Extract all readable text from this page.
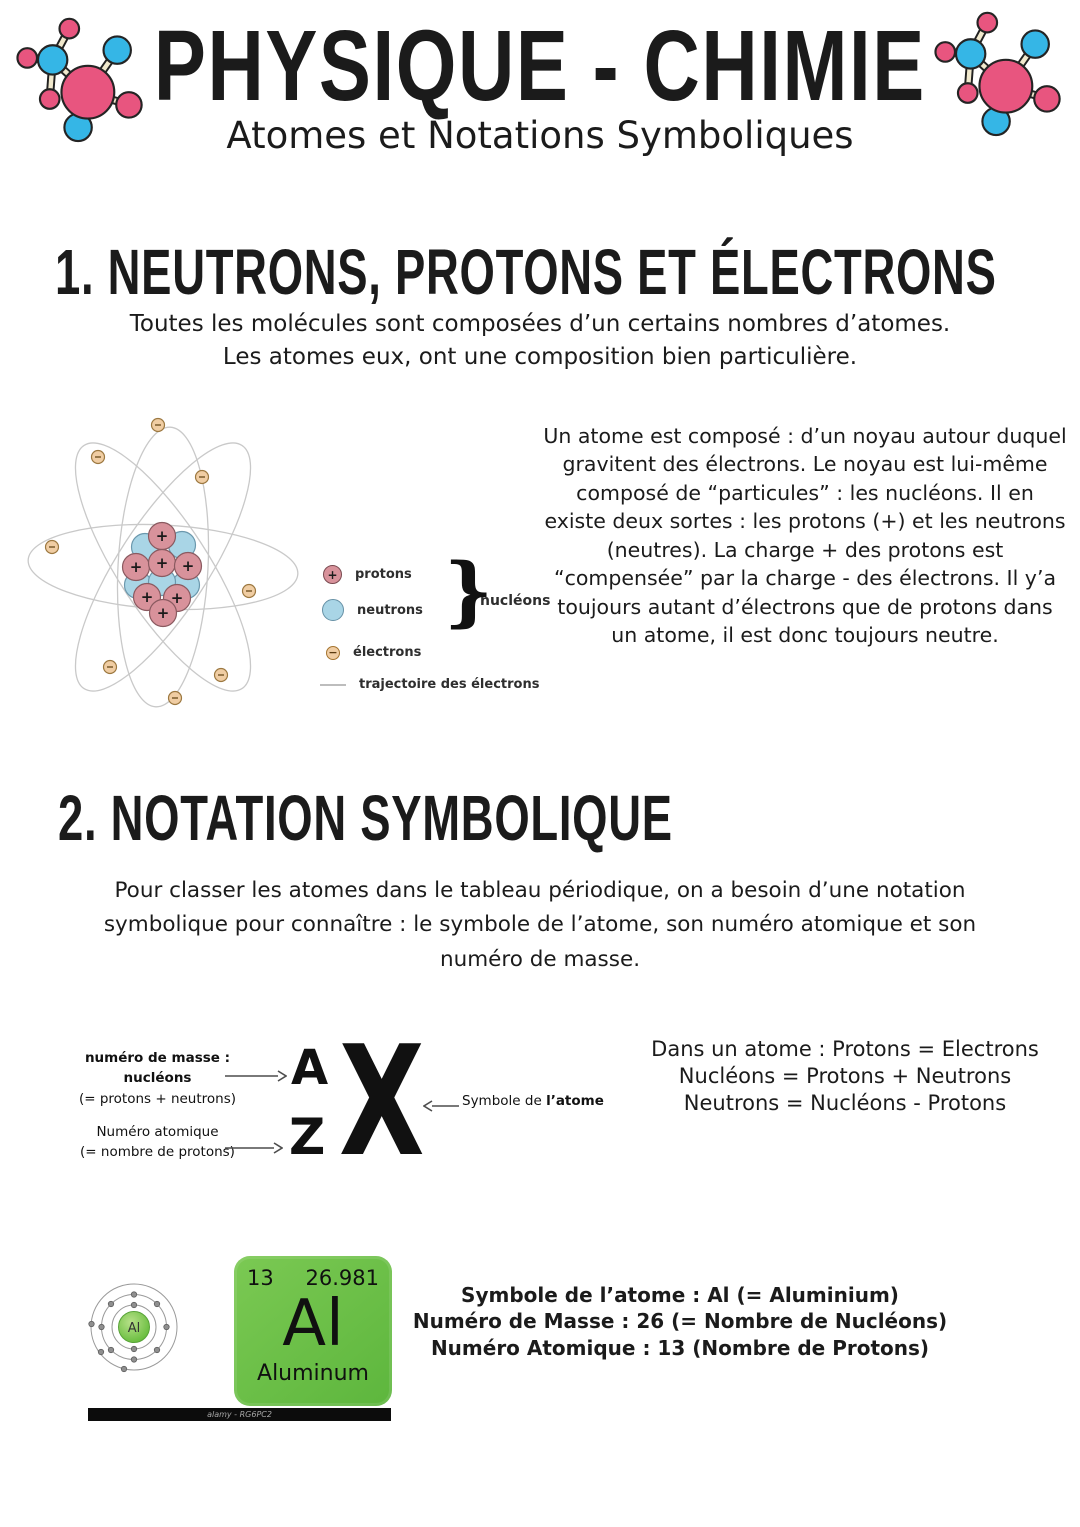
PHYSIQUE - CHIMIE
Atomes et Notations Symboliques
1. NEUTRONS, PROTONS ET ÉLECTRONS
Toutes les molécules sont composées d’un certains nombres d’atomes.
Les atomes eux, ont une composition bien particulière.
+
+ + +
+ +
+
+	protons
neutrons }
nucléons
− électrons
trajectoire des électrons
Un atome est composé : d’un noyau autour duquel gravitent des électrons. Le noyau est lui-même composé de “particules” : les nucléons. Il en existe deux sortes : les protons (+) et les neutrons (neutres). La charge + des protons est “compensée” par la charge - des électrons. Il y’a toujours autant d’électrons que de protons dans un atome, il est donc toujours neutre.
2. NOTATION SYMBOLIQUE
Pour classer les atomes dans le tableau périodique, on a besoin d’une notation symbolique pour connaître : le symbole de l’atome, son numéro atomique et son numéro de masse.
numéro de masse : nucléons
(= protons + neutrons)
A
Z X
Numéro atomique
(= nombre de protons)
Symbole de l’atome
Dans un atome : Protons = Electrons
Nucléons = Protons + Neutrons
Neutrons = Nucléons - Protons
Al
13 26.981
Al
Aluminum
alamy - RG6PC2
Symbole de l’atome : Al (= Aluminium)
Numéro de Masse : 26 (= Nombre de Nucléons)
Numéro Atomique : 13 (Nombre de Protons)
